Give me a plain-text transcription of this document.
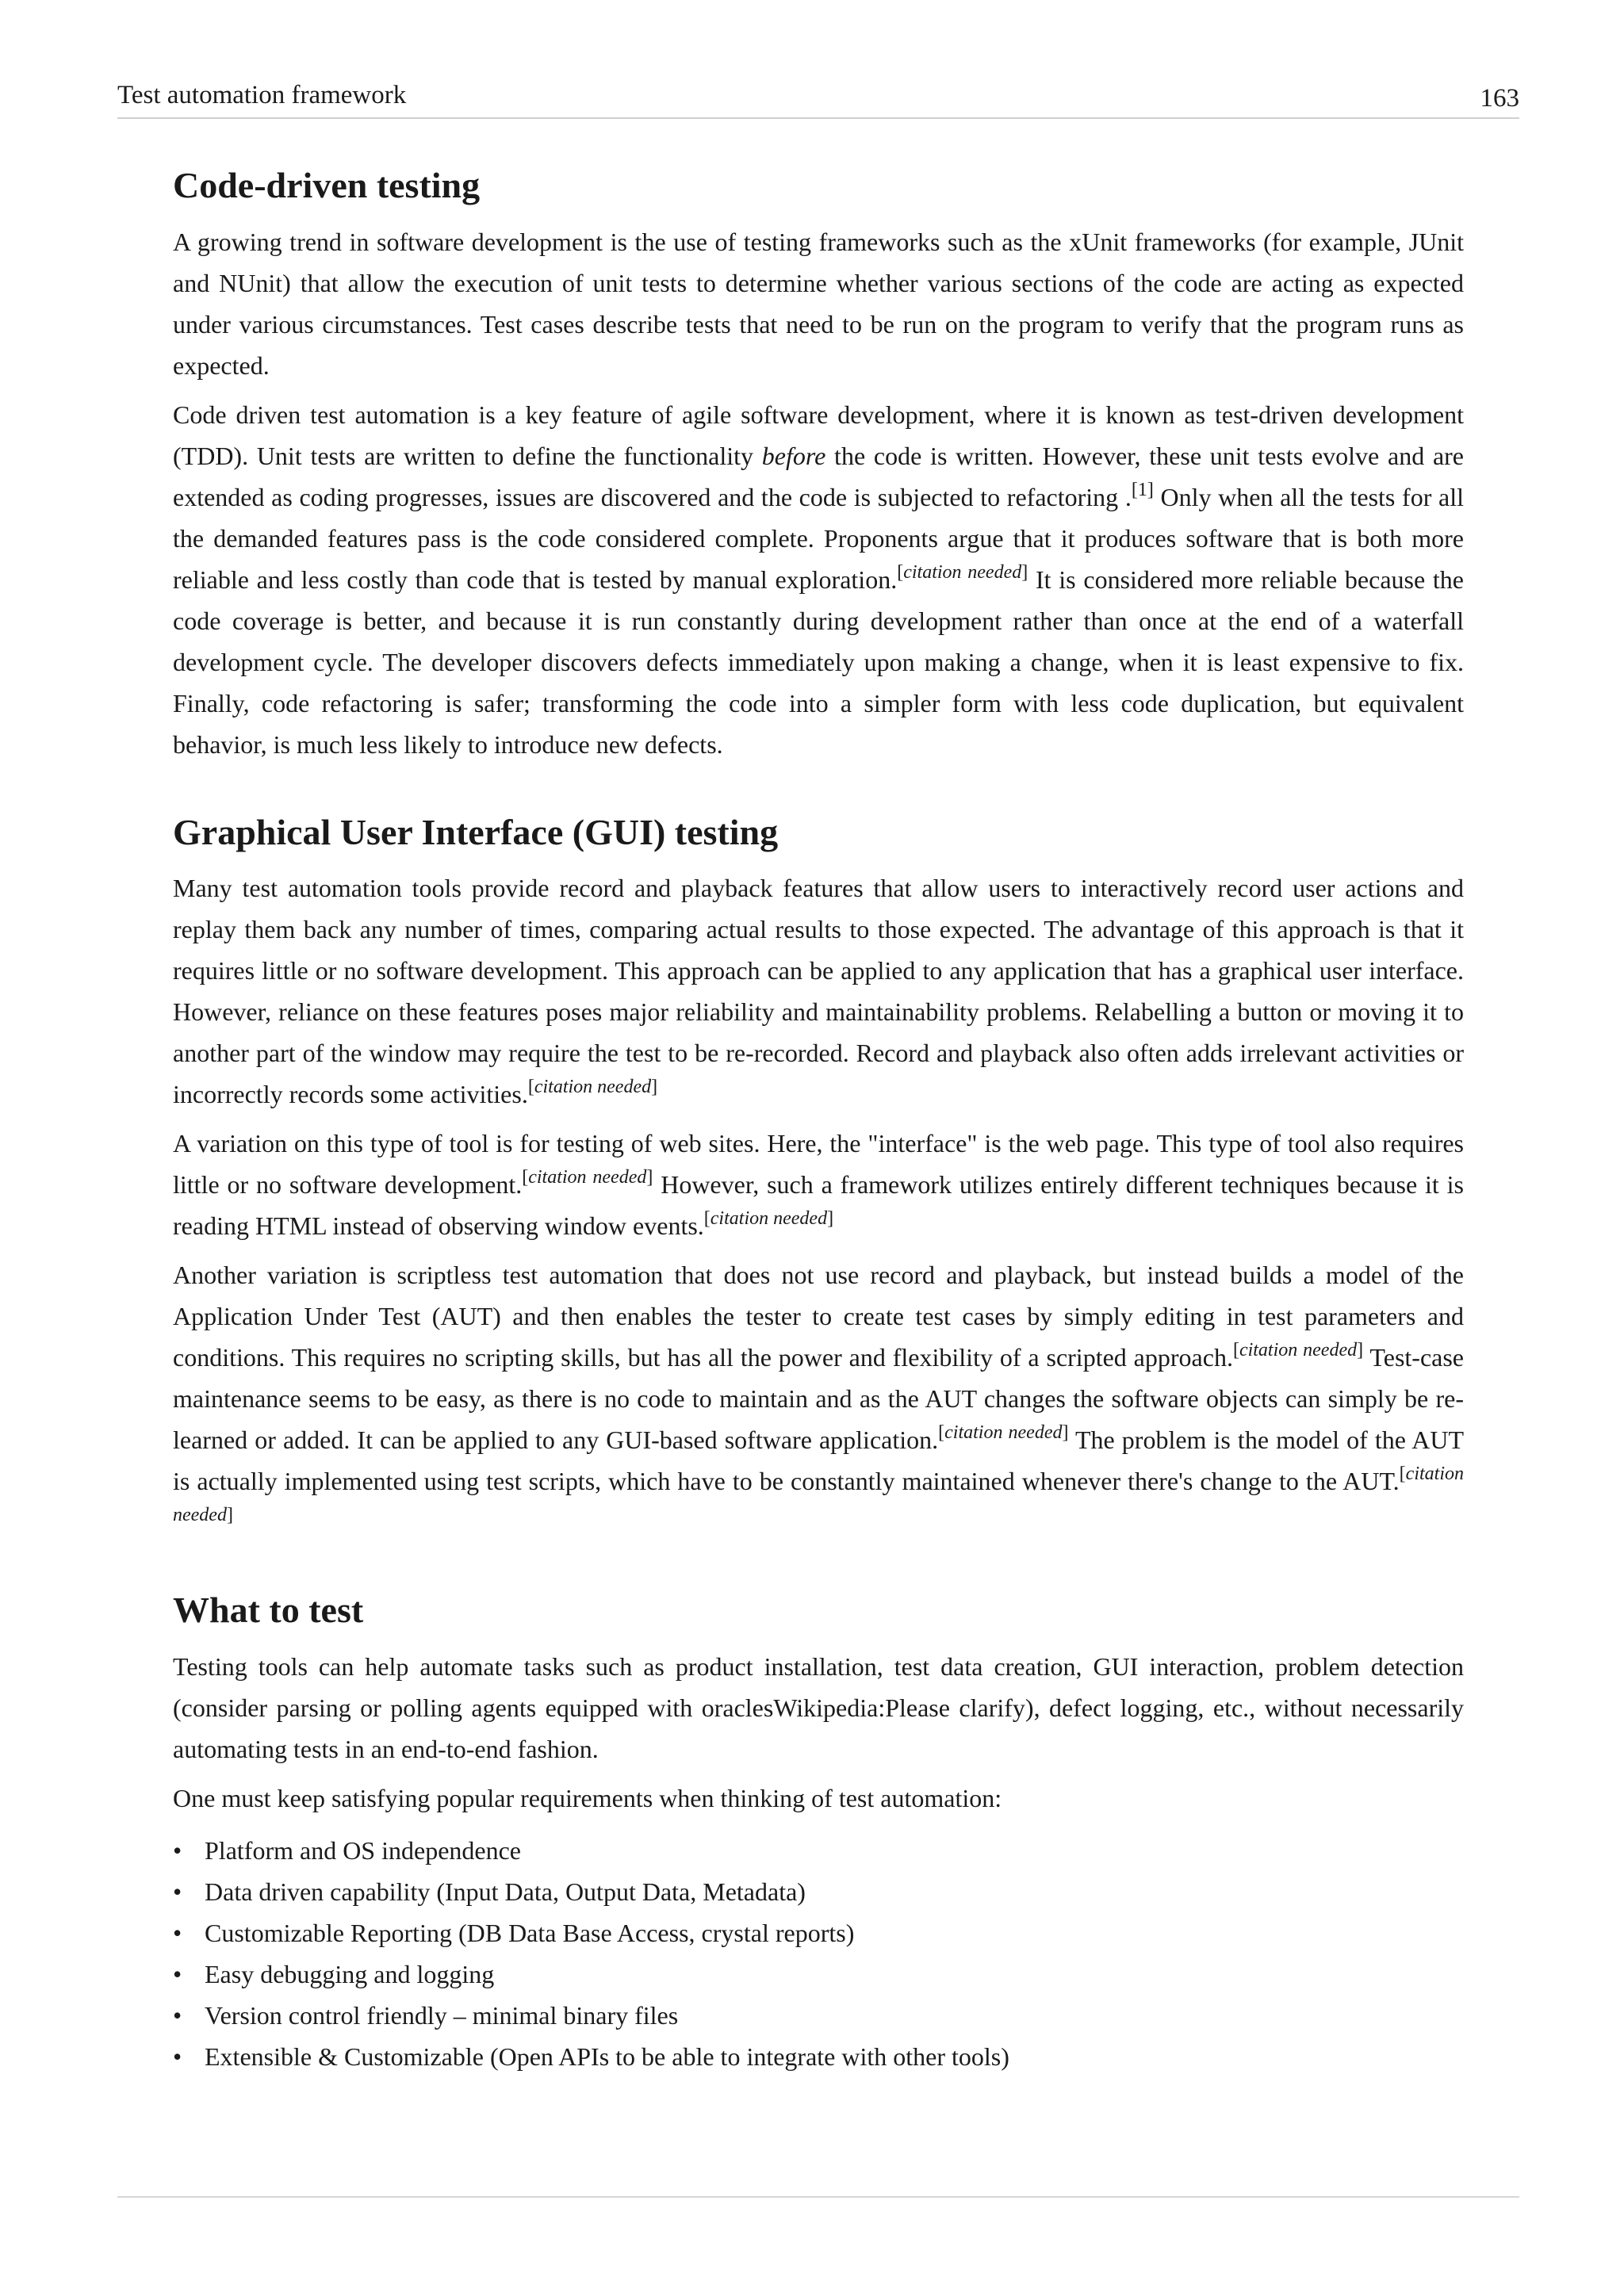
Test automation framework	163
Code-driven testing

A growing trend in software development is the use of testing frameworks such as the xUnit frameworks (for example, JUnit and NUnit) that allow the execution of unit tests to determine whether various sections of the code are acting as expected under various circumstances. Test cases describe tests that need to be run on the program to verify that the program runs as expected.

Code driven test automation is a key feature of agile software development, where it is known as test-driven development (TDD). Unit tests are written to define the functionality before the code is written. However, these unit tests evolve and are extended as coding progresses, issues are discovered and the code is subjected to refactoring .[1] Only when all the tests for all the demanded features pass is the code considered complete. Proponents argue that it produces software that is both more reliable and less costly than code that is tested by manual exploration.[citation needed] It is considered more reliable because the code coverage is better, and because it is run constantly during development rather than once at the end of a waterfall development cycle. The developer discovers defects immediately upon making a change, when it is least expensive to fix. Finally, code refactoring is safer; transforming the code into a simpler form with less code duplication, but equivalent behavior, is much less likely to introduce new defects.

Graphical User Interface (GUI) testing

Many test automation tools provide record and playback features that allow users to interactively record user actions and replay them back any number of times, comparing actual results to those expected. The advantage of this approach is that it requires little or no software development. This approach can be applied to any application that has a graphical user interface. However, reliance on these features poses major reliability and maintainability problems. Relabelling a button or moving it to another part of the window may require the test to be re-recorded. Record and playback also often adds irrelevant activities or incorrectly records some activities.[citation needed]

A variation on this type of tool is for testing of web sites. Here, the "interface" is the web page. This type of tool also requires little or no software development.[citation needed] However, such a framework utilizes entirely different techniques because it is reading HTML instead of observing window events.[citation needed]

Another variation is scriptless test automation that does not use record and playback, but instead builds a model of the Application Under Test (AUT) and then enables the tester to create test cases by simply editing in test parameters and conditions. This requires no scripting skills, but has all the power and flexibility of a scripted approach.[citation needed] Test-case maintenance seems to be easy, as there is no code to maintain and as the AUT changes the software objects can simply be re-learned or added. It can be applied to any GUI-based software application.[citation needed] The problem is the model of the AUT is actually implemented using test scripts, which have to be constantly maintained whenever there's change to the AUT.[citation needed]

What to test

Testing tools can help automate tasks such as product installation, test data creation, GUI interaction, problem detection (consider parsing or polling agents equipped with oraclesWikipedia:Please clarify), defect logging, etc., without necessarily automating tests in an end-to-end fashion.

One must keep satisfying popular requirements when thinking of test automation:

• Platform and OS independence
• Data driven capability (Input Data, Output Data, Metadata)
• Customizable Reporting (DB Data Base Access, crystal reports)
• Easy debugging and logging
• Version control friendly – minimal binary files
• Extensible & Customizable (Open APIs to be able to integrate with other tools)
